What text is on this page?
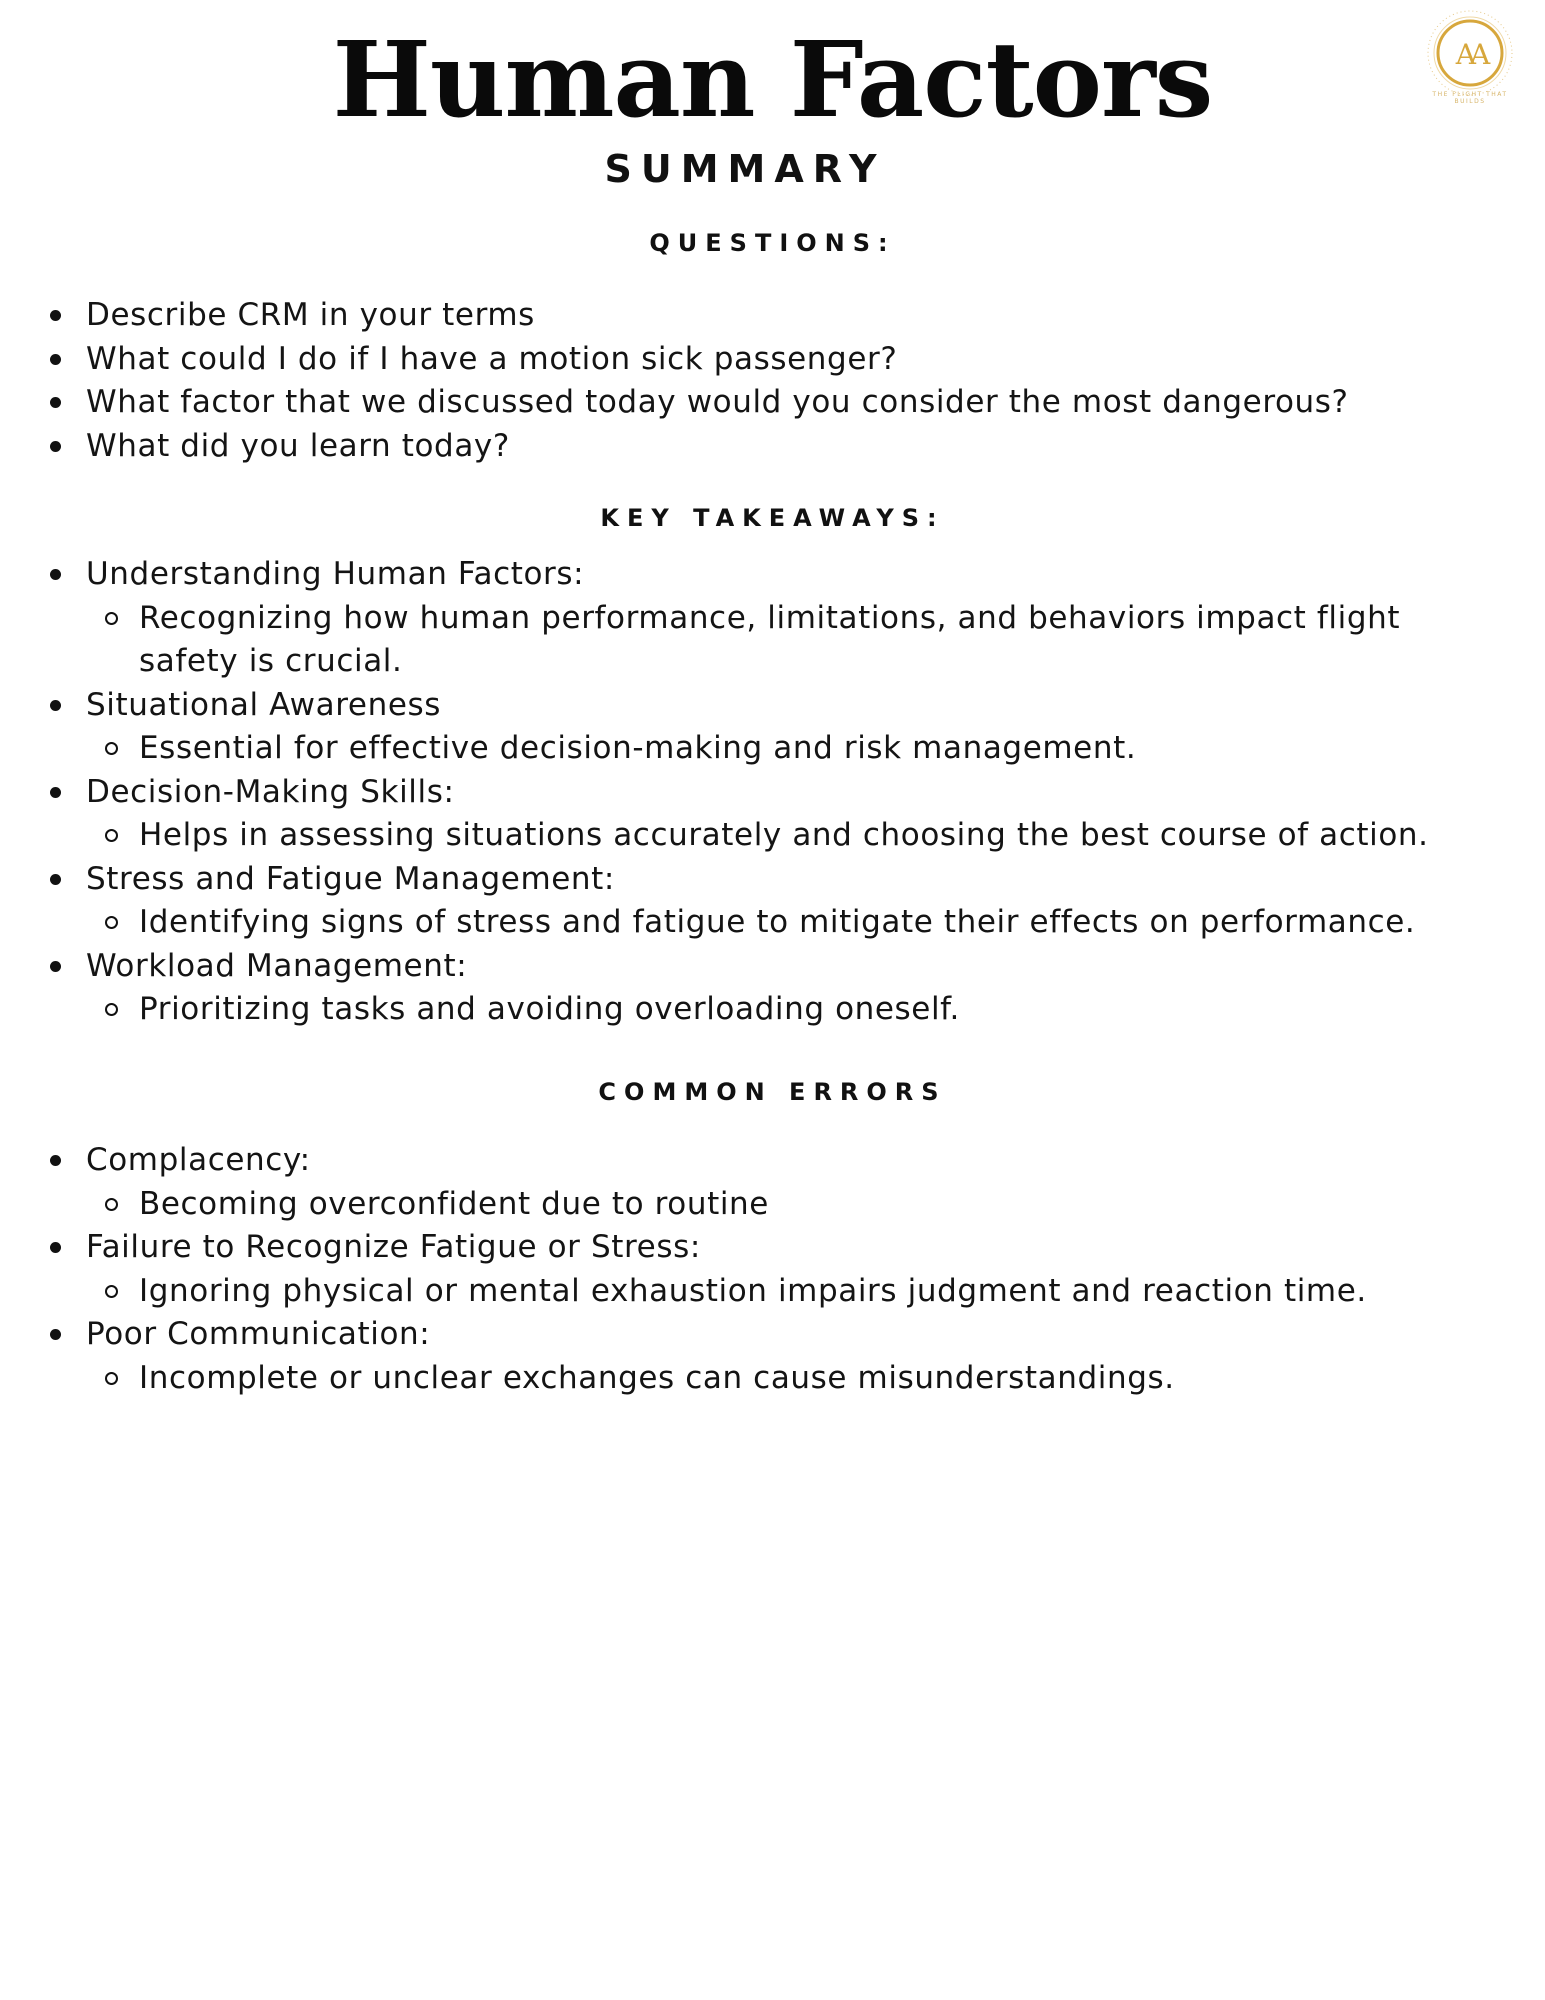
AA
THE FLIGHT THAT BUILDS
Human Factors
SUMMARY
QUESTIONS:
Describe CRM in your terms
What could I do if I have a motion sick passenger?
What factor that we discussed today would you consider the most dangerous?
What did you learn today?
KEY TAKEAWAYS:
Understanding Human Factors:
Recognizing how human performance, limitations, and behaviors impact flight
safety is crucial.
Situational Awareness
Essential for effective decision-making and risk management.
Decision-Making Skills:
Helps in assessing situations accurately and choosing the best course of action.
Stress and Fatigue Management:
Identifying signs of stress and fatigue to mitigate their effects on performance.
Workload Management:
Prioritizing tasks and avoiding overloading oneself.
COMMON ERRORS
Complacency:
Becoming overconfident due to routine
Failure to Recognize Fatigue or Stress:
Ignoring physical or mental exhaustion impairs judgment and reaction time.
Poor Communication:
Incomplete or unclear exchanges can cause misunderstandings.
